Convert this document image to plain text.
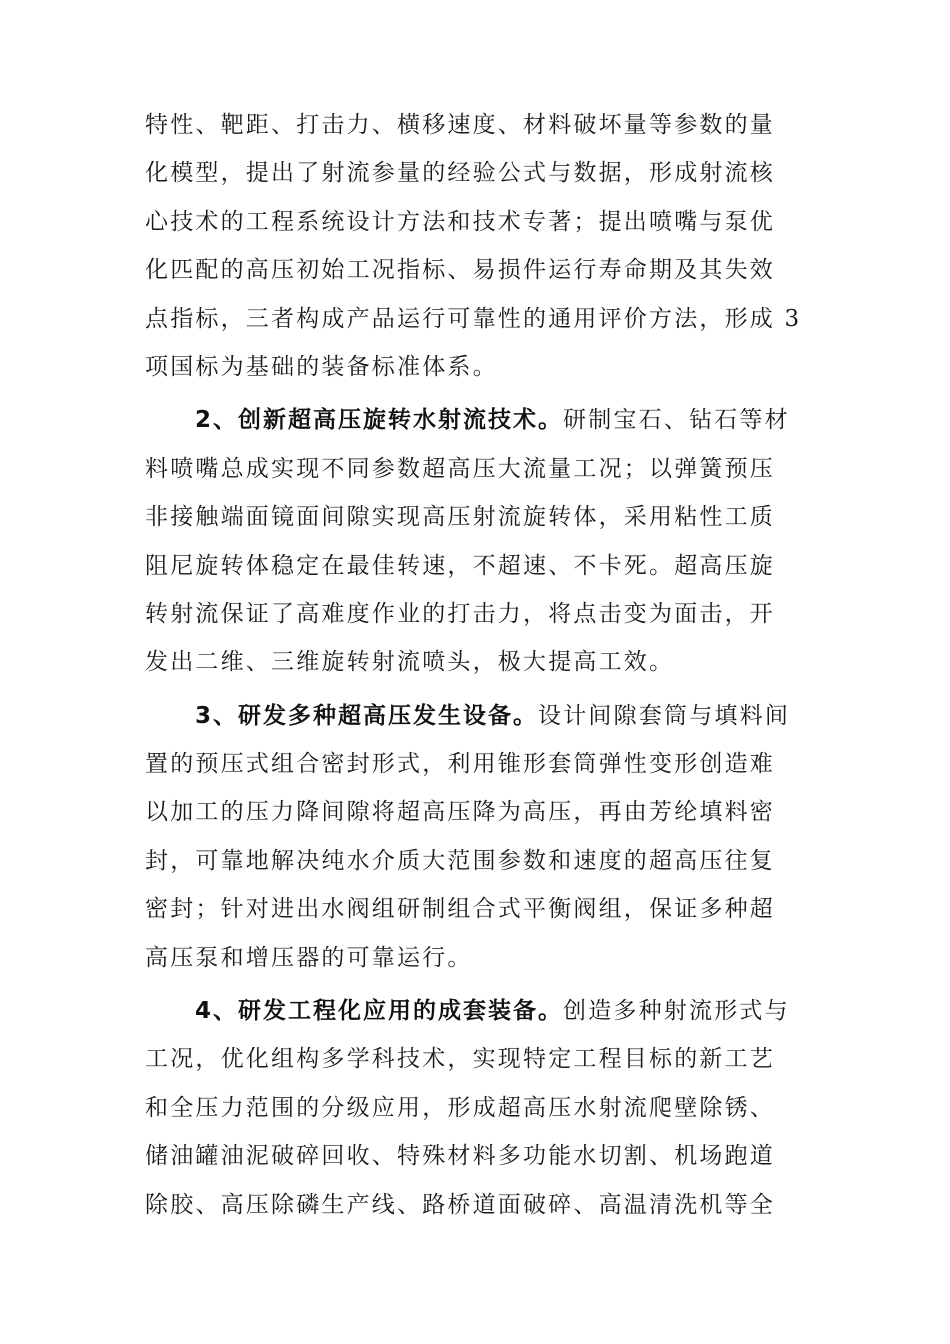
特性、靶距、打击力、横移速度、材料破坏量等参数的量
化模型，提出了射流参量的经验公式与数据，形成射流核
心技术的工程系统设计方法和技术专著；提出喷嘴与泵优
化匹配的高压初始工况指标、易损件运行寿命期及其失效
点指标，三者构成产品运行可靠性的通用评价方法，形成 3
项国标为基础的装备标准体系。
2、创新超高压旋转水射流技术。研制宝石、钻石等材
料喷嘴总成实现不同参数超高压大流量工况；以弹簧预压
非接触端面镜面间隙实现高压射流旋转体，采用粘性工质
阻尼旋转体稳定在最佳转速，不超速、不卡死。超高压旋
转射流保证了高难度作业的打击力，将点击变为面击，开
发出二维、三维旋转射流喷头，极大提高工效。
3、研发多种超高压发生设备。设计间隙套筒与填料间
置的预压式组合密封形式，利用锥形套筒弹性变形创造难
以加工的压力降间隙将超高压降为高压，再由芳纶填料密
封，可靠地解决纯水介质大范围参数和速度的超高压往复
密封；针对进出水阀组研制组合式平衡阀组，保证多种超
高压泵和增压器的可靠运行。
4、研发工程化应用的成套装备。创造多种射流形式与
工况，优化组构多学科技术，实现特定工程目标的新工艺
和全压力范围的分级应用，形成超高压水射流爬壁除锈、
储油罐油泥破碎回收、特殊材料多功能水切割、机场跑道
除胶、高压除磷生产线、路桥道面破碎、高温清洗机等全
